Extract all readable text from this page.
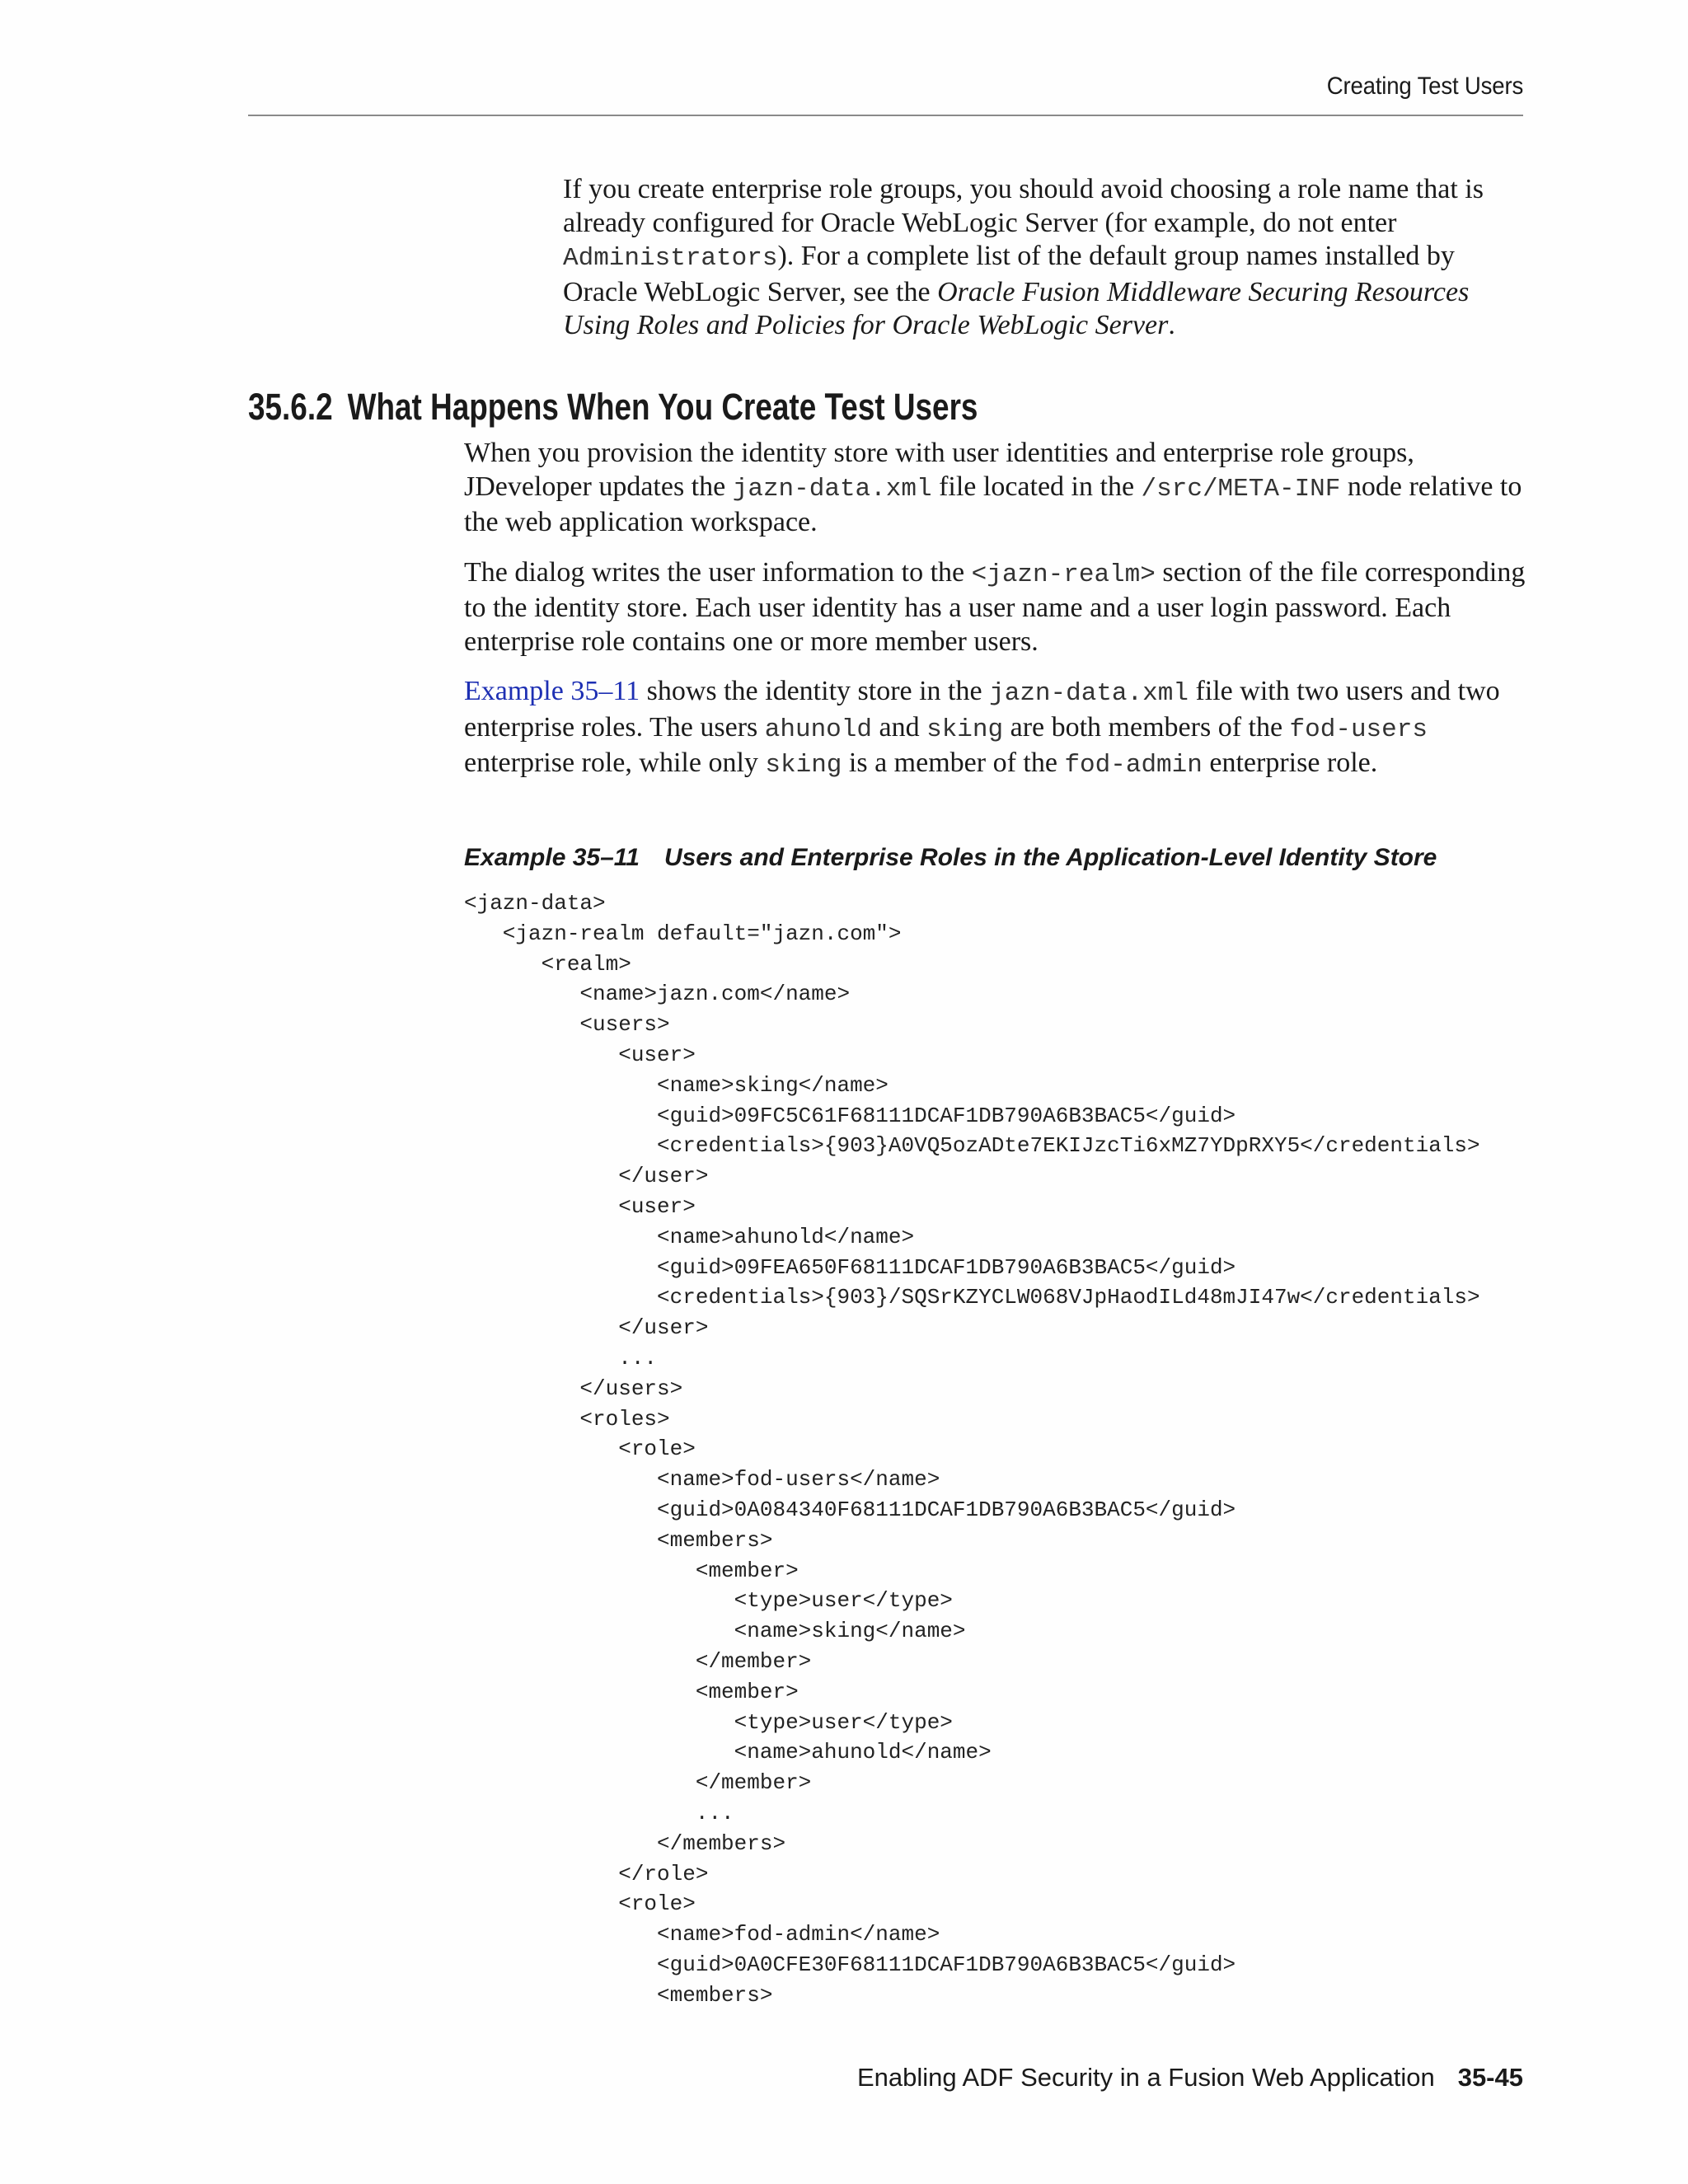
Creating Test Users

If you create enterprise role groups, you should avoid choosing a role name that is already configured for Oracle WebLogic Server (for example, do not enter Administrators). For a complete list of the default group names installed by Oracle WebLogic Server, see the Oracle Fusion Middleware Securing Resources Using Roles and Policies for Oracle WebLogic Server.

35.6.2 What Happens When You Create Test Users

When you provision the identity store with user identities and enterprise role groups, JDeveloper updates the jazn-data.xml file located in the /src/META-INF node relative to the web application workspace.

The dialog writes the user information to the <jazn-realm> section of the file corresponding to the identity store. Each user identity has a user name and a user login password. Each enterprise role contains one or more member users.

Example 35–11 shows the identity store in the jazn-data.xml file with two users and two enterprise roles. The users ahunold and sking are both members of the fod-users enterprise role, while only sking is a member of the fod-admin enterprise role.

Example 35–11 Users and Enterprise Roles in the Application-Level Identity Store
<jazn-data>
<jazn-realm default="jazn.com">
<realm>
<name>jazn.com</name>
<users>
<user>
<name>sking</name>
<guid>09FC5C61F68111DCAF1DB790A6B3BAC5</guid>
<credentials>{903}A0VQ5ozADte7EKIJzcTi6xMZ7YDpRXY5</credentials>
</user>
<user>
<name>ahunold</name>
<guid>09FEA650F68111DCAF1DB790A6B3BAC5</guid>
<credentials>{903}/SQSrKZYCLW068VJpHaodILd48mJI47w</credentials>
</user>
...
</users>
<roles>
<role>
<name>fod-users</name>
<guid>0A084340F68111DCAF1DB790A6B3BAC5</guid>
<members>
<member>
<type>user</type>
<name>sking</name>
</member>
<member>
<type>user</type>
<name>ahunold</name>
</member>
...
</members>
</role>
<role>
<name>fod-admin</name>
<guid>0A0CFE30F68111DCAF1DB790A6B3BAC5</guid>
<members>
Enabling ADF Security in a Fusion Web Application 35-45
